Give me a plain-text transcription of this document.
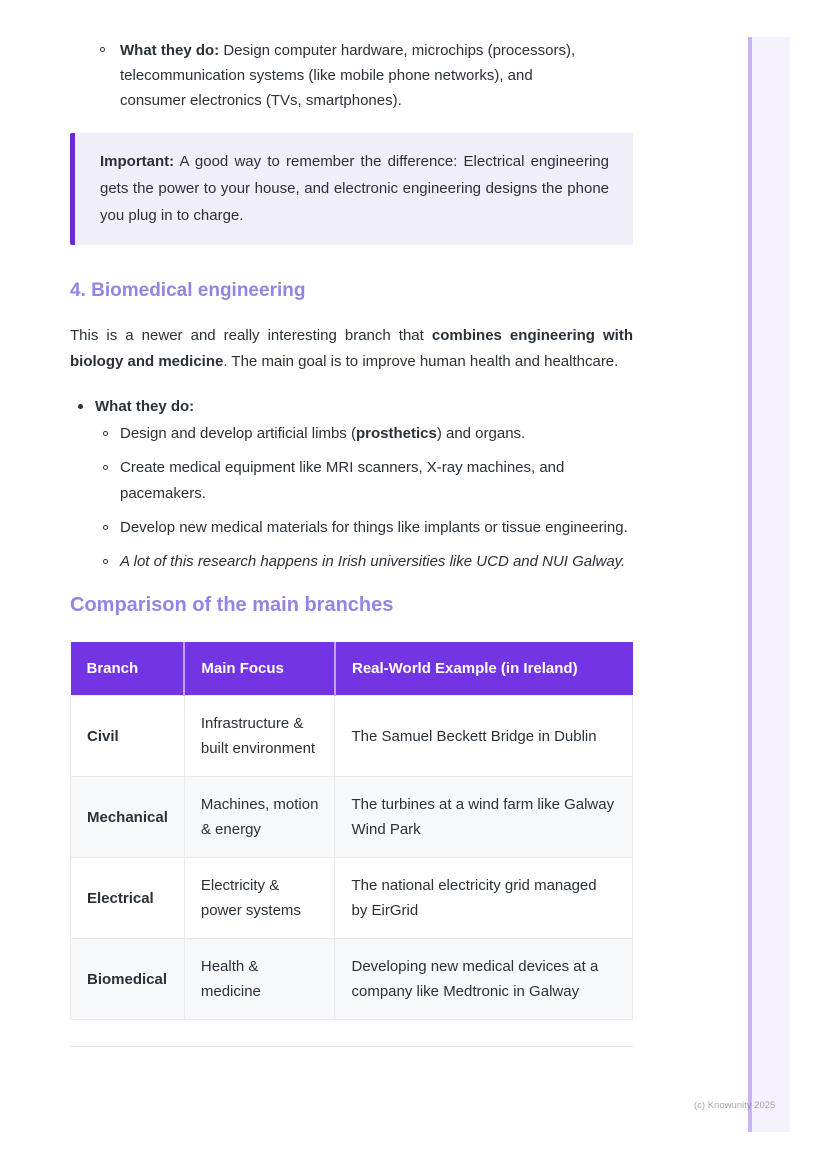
What they do: Design computer hardware, microchips (processors), telecommunication systems (like mobile phone networks), and consumer electronics (TVs, smartphones).
Important: A good way to remember the difference: Electrical engineering gets the power to your house, and electronic engineering designs the phone you plug in to charge.
4. Biomedical engineering

This is a newer and really interesting branch that combines engineering with biology and medicine. The main goal is to improve human health and healthcare.

What they do:
Design and develop artificial limbs (prosthetics) and organs.
Create medical equipment like MRI scanners, X-ray machines, and pacemakers.
Develop new medical materials for things like implants or tissue engineering.
A lot of this research happens in Irish universities like UCD and NUI Galway.
Comparison of the main branches
Branch	Main Focus	Real-World Example (in Ireland)
Civil	Infrastructure & built environment	The Samuel Beckett Bridge in Dublin
Mechanical	Machines, motion & energy	The turbines at a wind farm like Galway Wind Park
Electrical	Electricity & power systems	The national electricity grid managed by EirGrid
Biomedical	Health & medicine	Developing new medical devices at a company like Medtronic in Galway
(c) Knowunity 2025
